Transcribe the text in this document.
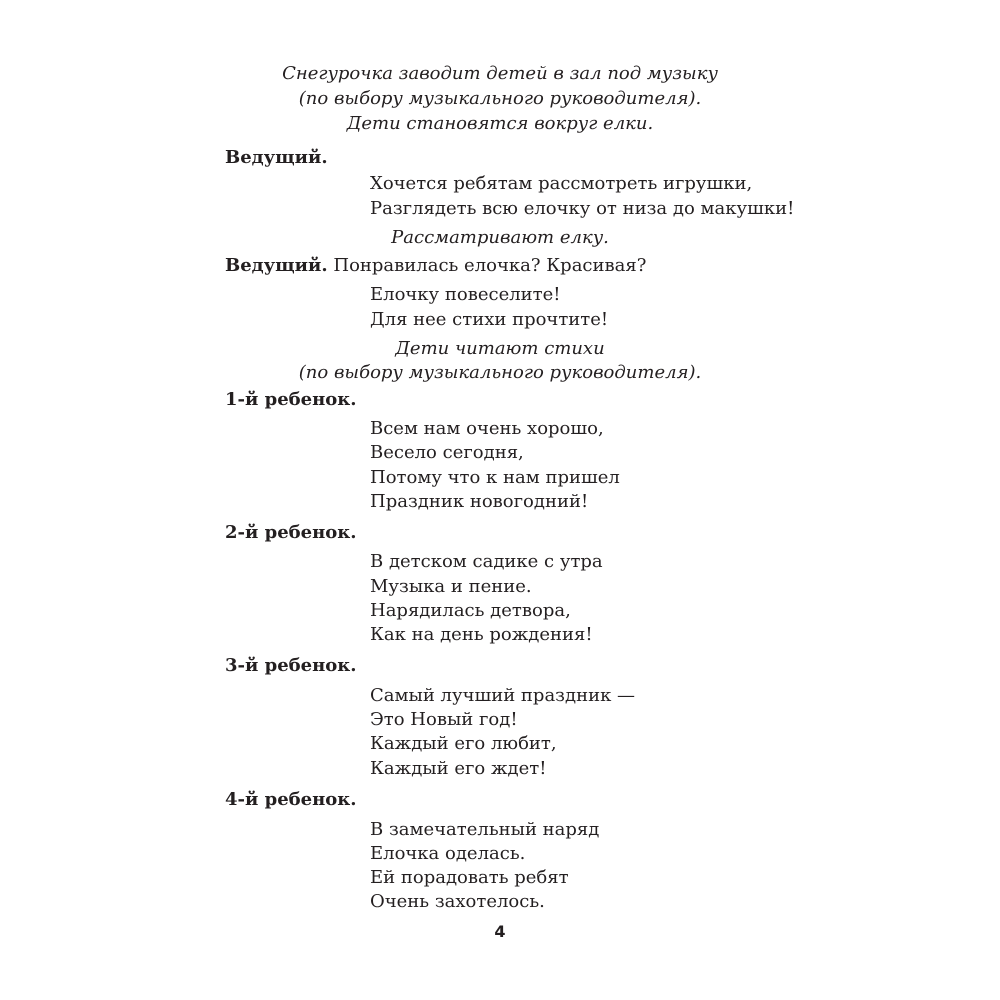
Снегурочка заводит детей в зал под музыку
(по выбору музыкального руководителя).
Дети становятся вокруг елки.
Ведущий.
Хочется ребятам рассмотреть игрушки,
Разглядеть всю елочку от низа до макушки!
Рассматривают елку.
Ведущий. Понравилась елочка? Красивая?
Елочку повеселите!
Для нее стихи прочтите!
Дети читают стихи
(по выбору музыкального руководителя).
1-й ребенок.
Всем нам очень хорошо,
Весело сегодня,
Потому что к нам пришел
Праздник новогодний!
2-й ребенок.
В детском садике с утра
Музыка и пение.
Нарядилась детвора,
Как на день рождения!
3-й ребенок.
Самый лучший праздник —
Это Новый год!
Каждый его любит,
Каждый его ждет!
4-й ребенок.
В замечательный наряд
Елочка оделась.
Ей порадовать ребят
Очень захотелось.
4
